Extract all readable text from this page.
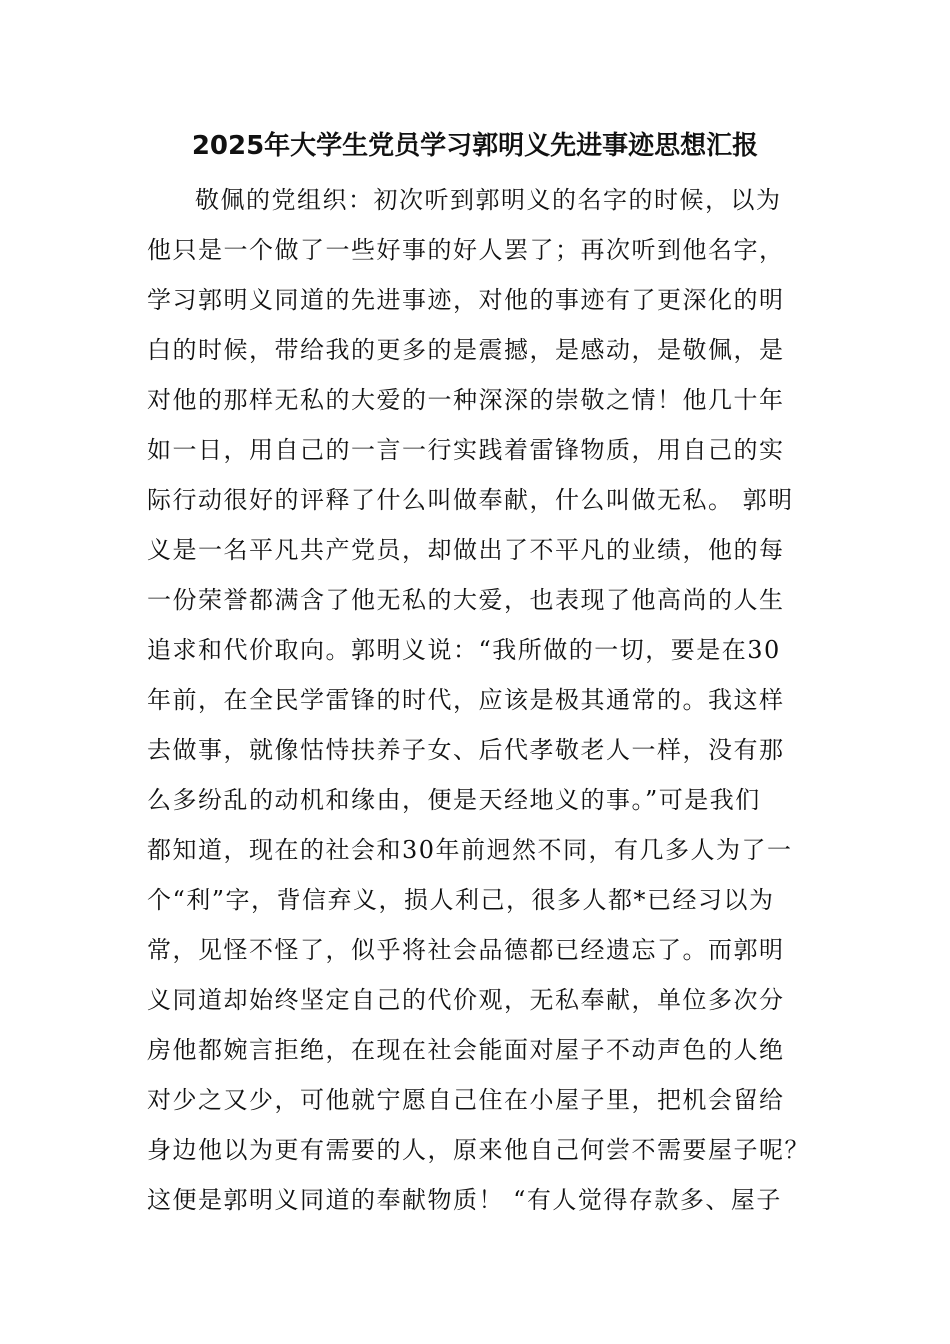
2025年大学生党员学习郭明义先进事迹思想汇报
敬佩的党组织：初次听到郭明义的名字的时候，以为
他只是一个做了一些好事的好人罢了；再次听到他名字，
学习郭明义同道的先进事迹，对他的事迹有了更深化的明
白的时候，带给我的更多的是震撼，是感动，是敬佩，是
对他的那样无私的大爱的一种深深的崇敬之情！他几十年
如一日，用自己的一言一行实践着雷锋物质，用自己的实
际行动很好的评释了什么叫做奉献，什么叫做无私。 郭明
义是一名平凡共产党员，却做出了不平凡的业绩，他的每
一份荣誉都满含了他无私的大爱，也表现了他高尚的人生
追求和代价取向。郭明义说：“我所做的一切，要是在30
年前，在全民学雷锋的时代，应该是极其通常的。我这样
去做事，就像怙恃扶养子女、后代孝敬老人一样，没有那
么多纷乱的动机和缘由，便是天经地义的事。”可是我们
都知道，现在的社会和30年前迥然不同，有几多人为了一
个“利”字，背信弃义，损人利己，很多人都*已经习以为
常，见怪不怪了，似乎将社会品德都已经遗忘了。而郭明
义同道却始终坚定自己的代价观，无私奉献，单位多次分
房他都婉言拒绝，在现在社会能面对屋子不动声色的人绝
对少之又少，可他就宁愿自己住在小屋子里，把机会留给
身边他以为更有需要的人，原来他自己何尝不需要屋子呢？
这便是郭明义同道的奉献物质！ “有人觉得存款多、屋子
